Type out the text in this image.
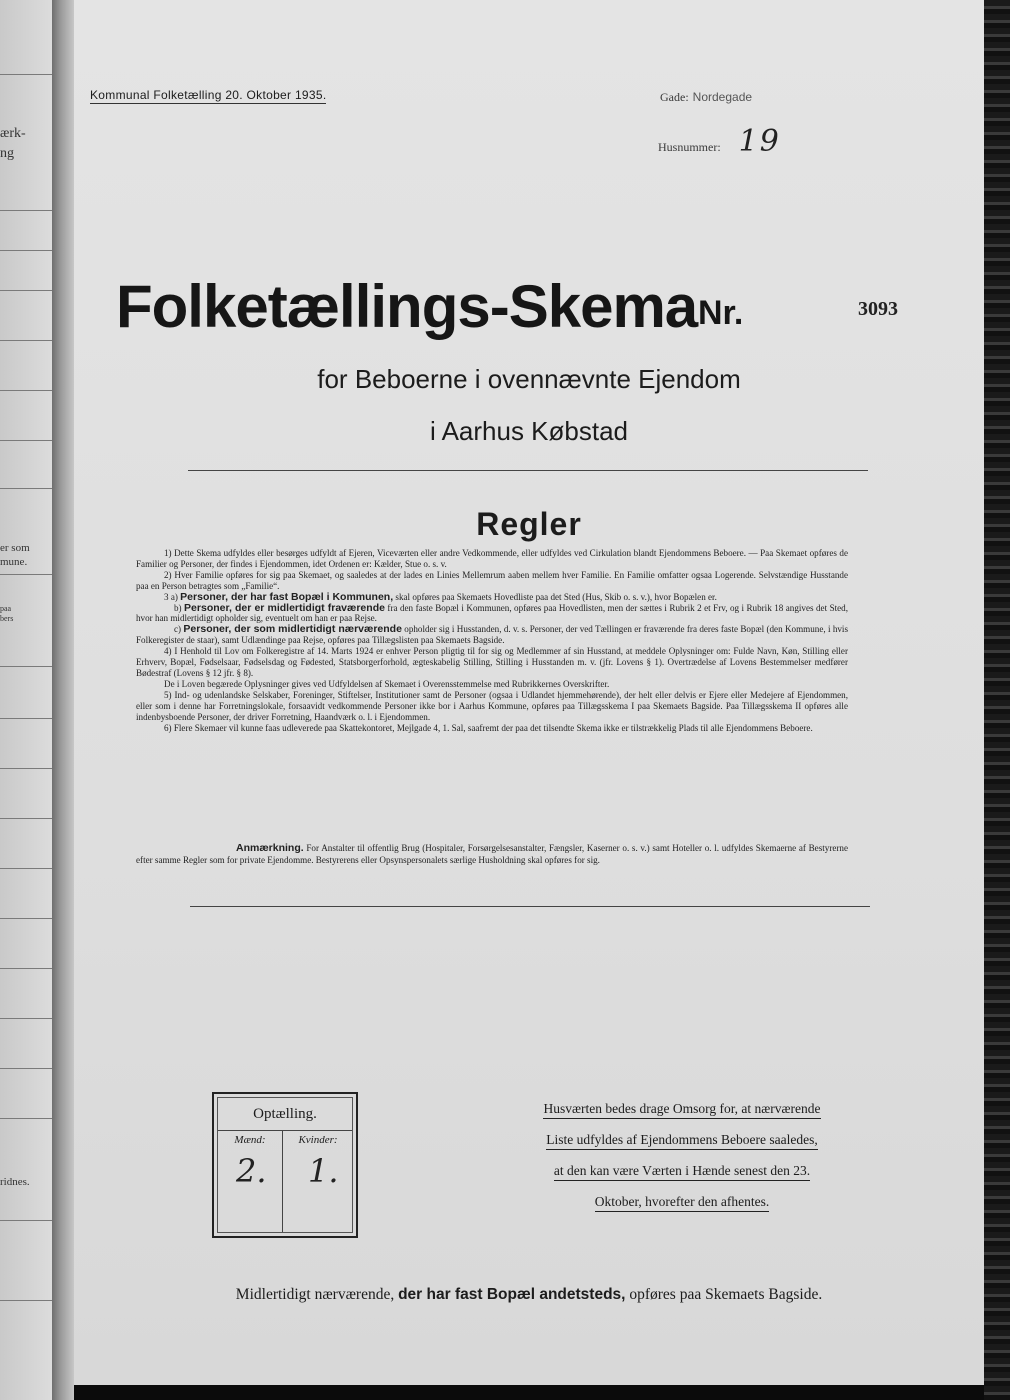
ærk-
ng
er som
mune.
paa
bers
ridnes.
Kommunal Folketælling 20. Oktober 1935.	Gade: Nordegade
Husnummer: 19
Folketællings-Skema Nr.	3093
for Beboerne i ovennævnte Ejendom
i Aarhus Købstad
Regler

1) Dette Skema udfyldes eller besørges udfyldt af Ejeren, Viceværten eller andre Vedkommende, eller udfyldes ved Cirkulation blandt Ejendommens Beboere. — Paa Skemaet opføres de Familier og Personer, der findes i Ejendommen, idet Ordenen er: Kælder, Stue o. s. v.

2) Hver Familie opføres for sig paa Skemaet, og saaledes at der lades en Linies Mellemrum aaben mellem hver Familie. En Familie omfatter ogsaa Logerende. Selvstændige Husstande paa en Person betragtes som „Familie“.

3 a) Personer, der har fast Bopæl i Kommunen, skal opføres paa Skemaets Hovedliste paa det Sted (Hus, Skib o. s. v.), hvor Bopælen er.

b) Personer, der er midlertidigt fraværende fra den faste Bopæl i Kommunen, opføres paa Hovedlisten, men der sættes i Rubrik 2 et Frv, og i Rubrik 18 angives det Sted, hvor han midlertidigt opholder sig, eventuelt om han er paa Rejse.

c) Personer, der som midlertidigt nærværende opholder sig i Husstanden, d. v. s. Personer, der ved Tællingen er fraværende fra deres faste Bopæl (den Kommune, i hvis Folkeregister de staar), samt Udlændinge paa Rejse, opføres paa Tillægslisten paa Skemaets Bagside.

4) I Henhold til Lov om Folkeregistre af 14. Marts 1924 er enhver Person pligtig til for sig og Medlemmer af sin Husstand, at meddele Oplysninger om: Fulde Navn, Køn, Stilling eller Erhverv, Bopæl, Fødselsaar, Fødselsdag og Fødested, Statsborgerforhold, ægteskabelig Stilling, Stilling i Husstanden m. v. (jfr. Lovens § 1). Overtrædelse af Lovens Bestemmelser medfører Bødestraf (Lovens § 12 jfr. § 8).

De i Loven begærede Oplysninger gives ved Udfyldelsen af Skemaet i Overensstemmelse med Rubrikkernes Overskrifter.

5) Ind- og udenlandske Selskaber, Foreninger, Stiftelser, Institutioner samt de Personer (ogsaa i Udlandet hjemmehørende), der helt eller delvis er Ejere eller Medejere af Ejendommen, eller som i denne har Forretningslokale, forsaavidt vedkommende Personer ikke bor i Aarhus Kommune, opføres paa Tillægsskema I paa Skemaets Bagside. Paa Tillægsskema II opføres alle indenbysboende Personer, der driver Forretning, Haandværk o. l. i Ejendommen.

6) Flere Skemaer vil kunne faas udleverede paa Skattekontoret, Mejlgade 4, 1. Sal, saafremt der paa det tilsendte Skema ikke er tilstrækkelig Plads til alle Ejendommens Beboere.

Anmærkning. For Anstalter til offentlig Brug (Hospitaler, Forsørgelsesanstalter, Fængsler, Kaserner o. s. v.) samt Hoteller o. l. udfyldes Skemaerne af Bestyrerne efter samme Regler som for private Ejendomme. Bestyrerens eller Opsynspersonalets særlige Husholdning skal opføres for sig.
Optælling.
Mænd:	Kvinder:
2. 1.
Husværten bedes drage Omsorg for, at nærværende
Liste udfyldes af Ejendommens Beboere saaledes,
at den kan være Værten i Hænde senest den 23.
Oktober, hvorefter den afhentes.
Midlertidigt nærværende, der har fast Bopæl andetsteds, opføres paa Skemaets Bagside.
